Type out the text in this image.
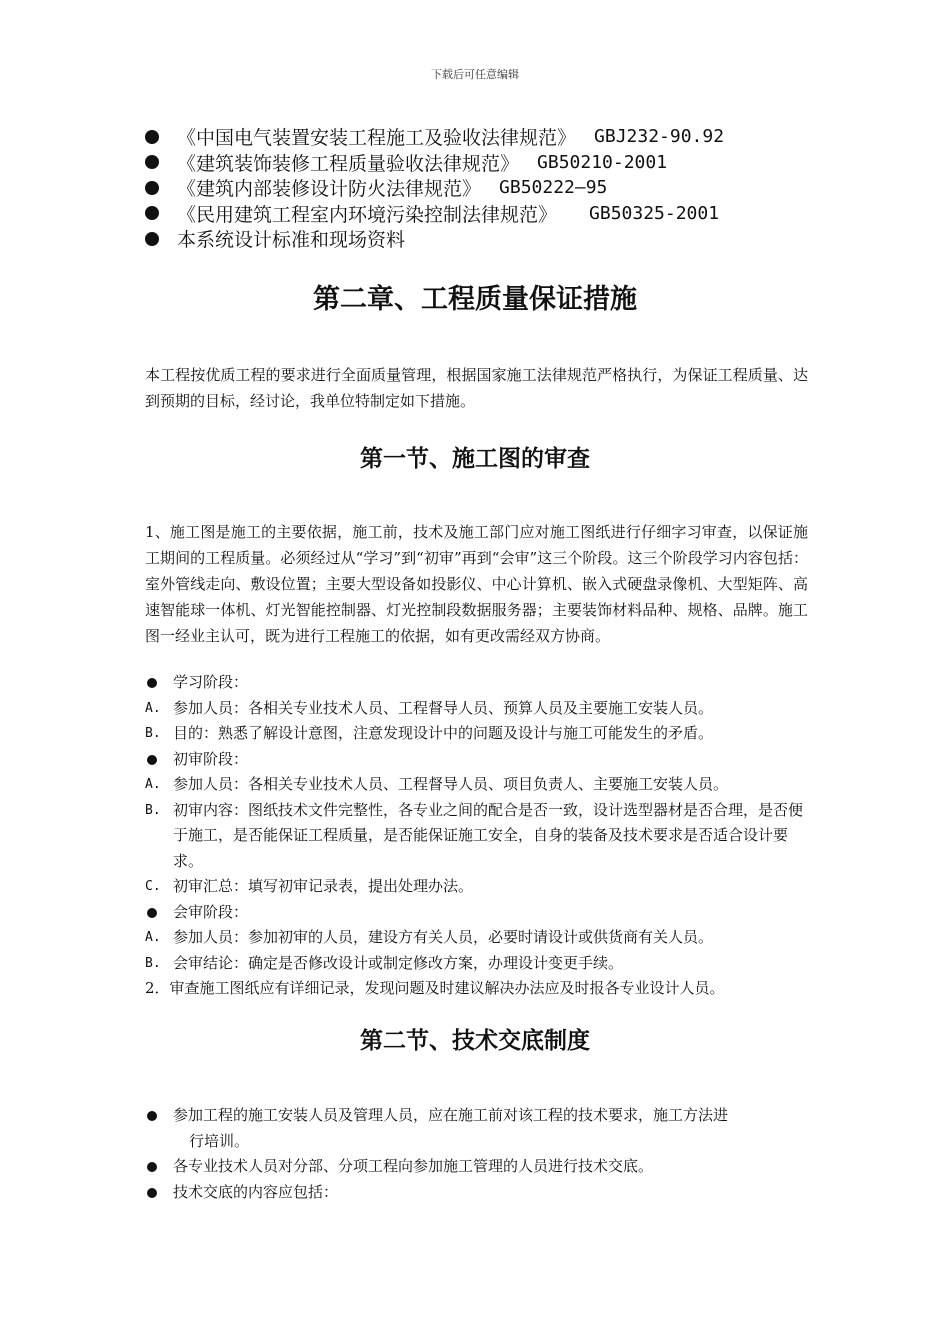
下载后可任意编辑
《中国电气装置安装工程施工及验收法律规范》 GBJ232-90.92
《建筑装饰装修工程质量验收法律规范》 GB50210-2001
《建筑内部装修设计防火法律规范》 GB50222—95
《民用建筑工程室内环境污染控制法律规范》 GB50325-2001
本系统设计标准和现场资料
第二章、工程质量保证措施
本工程按优质工程的要求进行全面质量管理，根据国家施工法律规范严格执行，为保证工程质量、达到预期的目标，经讨论，我单位特制定如下措施。
第一节、施工图的审查
1、施工图是施工的主要依据，施工前，技术及施工部门应对施工图纸进行仔细字习审查，以保证施工期间的工程质量。必须经过从“学习”到“初审”再到“会审”这三个阶段。这三个阶段学习内容包括：室外管线走向、敷设位置；主要大型设备如投影仪、中心计算机、嵌入式硬盘录像机、大型矩阵、高速智能球一体机、灯光智能控制器、灯光控制段数据服务器；主要装饰材料品种、规格、品牌。施工图一经业主认可，既为进行工程施工的依据，如有更改需经双方协商。
学习阶段：
A. 参加人员：各相关专业技术人员、工程督导人员、预算人员及主要施工安装人员。
B. 目的：熟悉了解设计意图，注意发现设计中的问题及设计与施工可能发生的矛盾。
初审阶段：
A. 参加人员：各相关专业技术人员、工程督导人员、项目负责人、主要施工安装人员。
B. 初审内容：图纸技术文件完整性，各专业之间的配合是否一致，设计选型器材是否合理，是否便于施工，是否能保证工程质量，是否能保证施工安全，自身的装备及技术要求是否适合设计要求。
C. 初审汇总：填写初审记录表，提出处理办法。
会审阶段：
A. 参加人员：参加初审的人员，建设方有关人员，必要时请设计或供货商有关人员。
B. 会审结论：确定是否修改设计或制定修改方案，办理设计变更手续。
2．审查施工图纸应有详细记录，发现问题及时建议解决办法应及时报各专业设计人员。
第二节、技术交底制度
参加工程的施工安装人员及管理人员，应在施工前对该工程的技术要求，施工方法进
行培训。
各专业技术人员对分部、分项工程向参加施工管理的人员进行技术交底。
技术交底的内容应包括：
